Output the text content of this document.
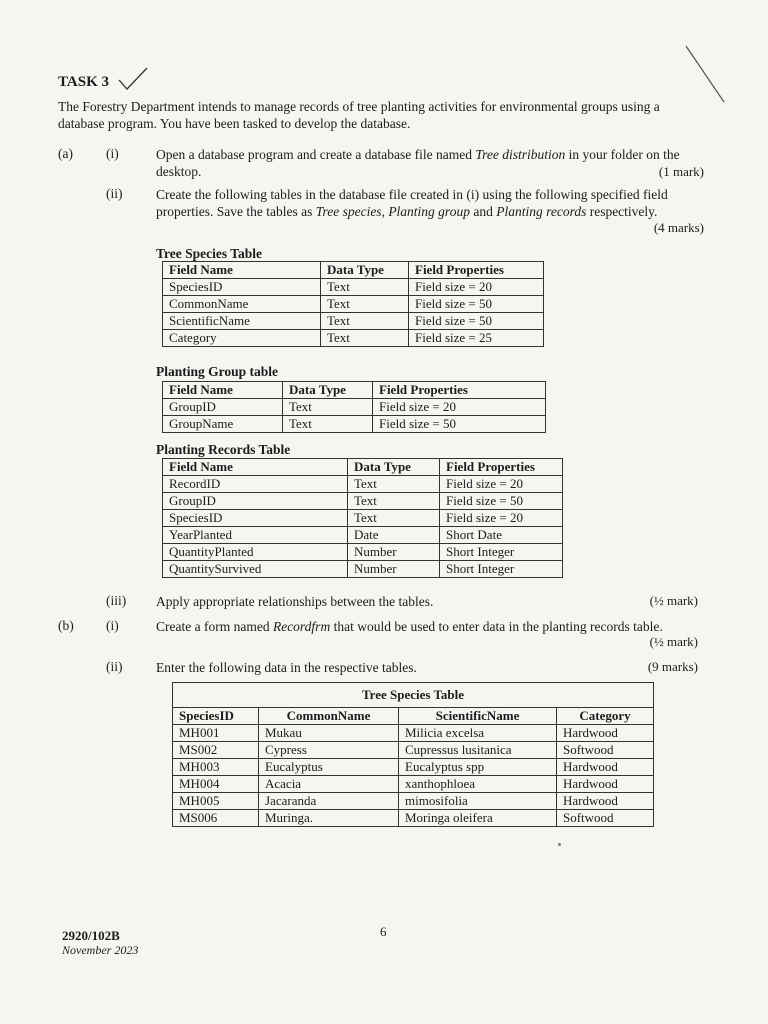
TASK 3
The Forestry Department intends to manage records of tree planting activities for environmental groups using a database program. You have been tasked to develop the database.
(a) (i)	Open a database program and create a database file named Tree distribution in your folder on the desktop.	(1 mark)
(ii) Create the following tables in the database file created in (i) using the following specified field properties. Save the tables as Tree species, Planting group and Planting records respectively.
(4 marks)
Tree Species Table
Field Name	Data Type	Field Properties
SpeciesID	Text	Field size = 20
CommonName	Text	Field size = 50
ScientificName	Text	Field size = 50
Category	Text	Field size = 25
Planting Group table
Field Name	Data Type	Field Properties
GroupID	Text	Field size = 20
GroupName	Text	Field size = 50
Planting Records Table
Field Name	Data Type	Field Properties
RecordID	Text	Field size = 20
GroupID	Text	Field size = 50
SpeciesID	Text	Field size = 20
YearPlanted	Date	Short Date
QuantityPlanted	Number	Short Integer
QuantitySurvived	Number	Short Integer
(iii) Apply appropriate relationships between the tables.	(½ mark)
(b) (i)	Create a form named Recordfrm that would be used to enter data in the planting records table.
(½ mark)
(ii) Enter the following data in the respective tables.	(9 marks)
Tree Species Table			
SpeciesID	CommonName	ScientificName	Category
MH001	Mukau	Milicia excelsa	Hardwood
MS002	Cypress	Cupressus lusitanica	Softwood
MH003	Eucalyptus	Eucalyptus spp	Hardwood
MH004	Acacia	xanthophloea	Hardwood
MH005	Jacaranda	mimosifolia	Hardwood
MS006	Muringa.	Moringa oleifera	Softwood
2920/102B
November 2023
6
